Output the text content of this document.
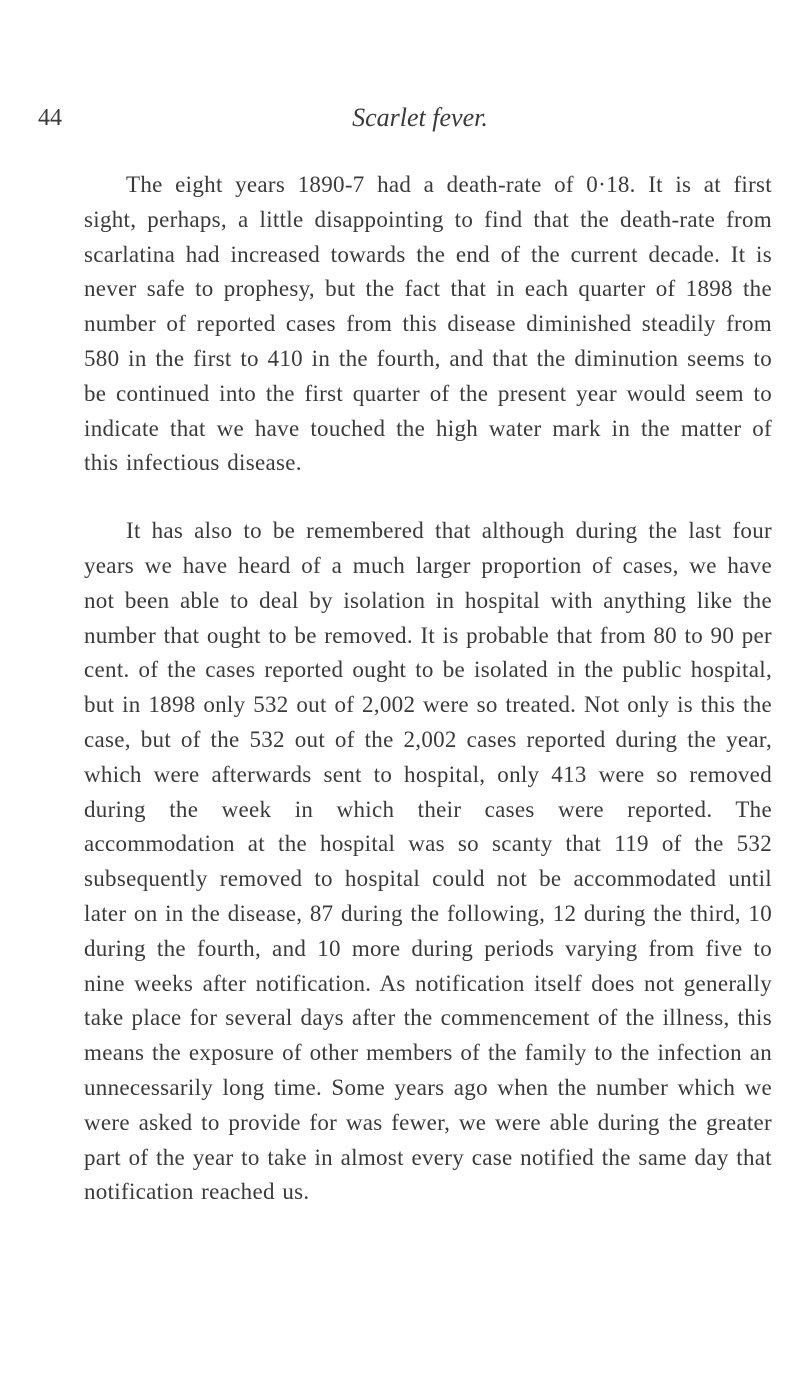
44	Scarlet fever.

The eight years 1890-7 had a death-rate of 0·18. It is at first sight, perhaps, a little disappointing to find that the death-rate from scarlatina had increased towards the end of the current decade. It is never safe to prophesy, but the fact that in each quarter of 1898 the number of reported cases from this disease diminished steadily from 580 in the first to 410 in the fourth, and that the diminution seems to be continued into the first quarter of the present year would seem to indicate that we have touched the high water mark in the matter of this infectious disease.

It has also to be remembered that although during the last four years we have heard of a much larger proportion of cases, we have not been able to deal by isolation in hospital with anything like the number that ought to be removed. It is probable that from 80 to 90 per cent. of the cases reported ought to be isolated in the public hospital, but in 1898 only 532 out of 2,002 were so treated. Not only is this the case, but of the 532 out of the 2,002 cases reported during the year, which were afterwards sent to hospital, only 413 were so removed during the week in which their cases were reported. The accommodation at the hospital was so scanty that 119 of the 532 subsequently removed to hospital could not be accommodated until later on in the disease, 87 during the following, 12 during the third, 10 during the fourth, and 10 more during periods varying from five to nine weeks after notification. As notification itself does not generally take place for several days after the commencement of the illness, this means the exposure of other members of the family to the infection an unnecessarily long time. Some years ago when the number which we were asked to provide for was fewer, we were able during the greater part of the year to take in almost every case notified the same day that notification reached us.
